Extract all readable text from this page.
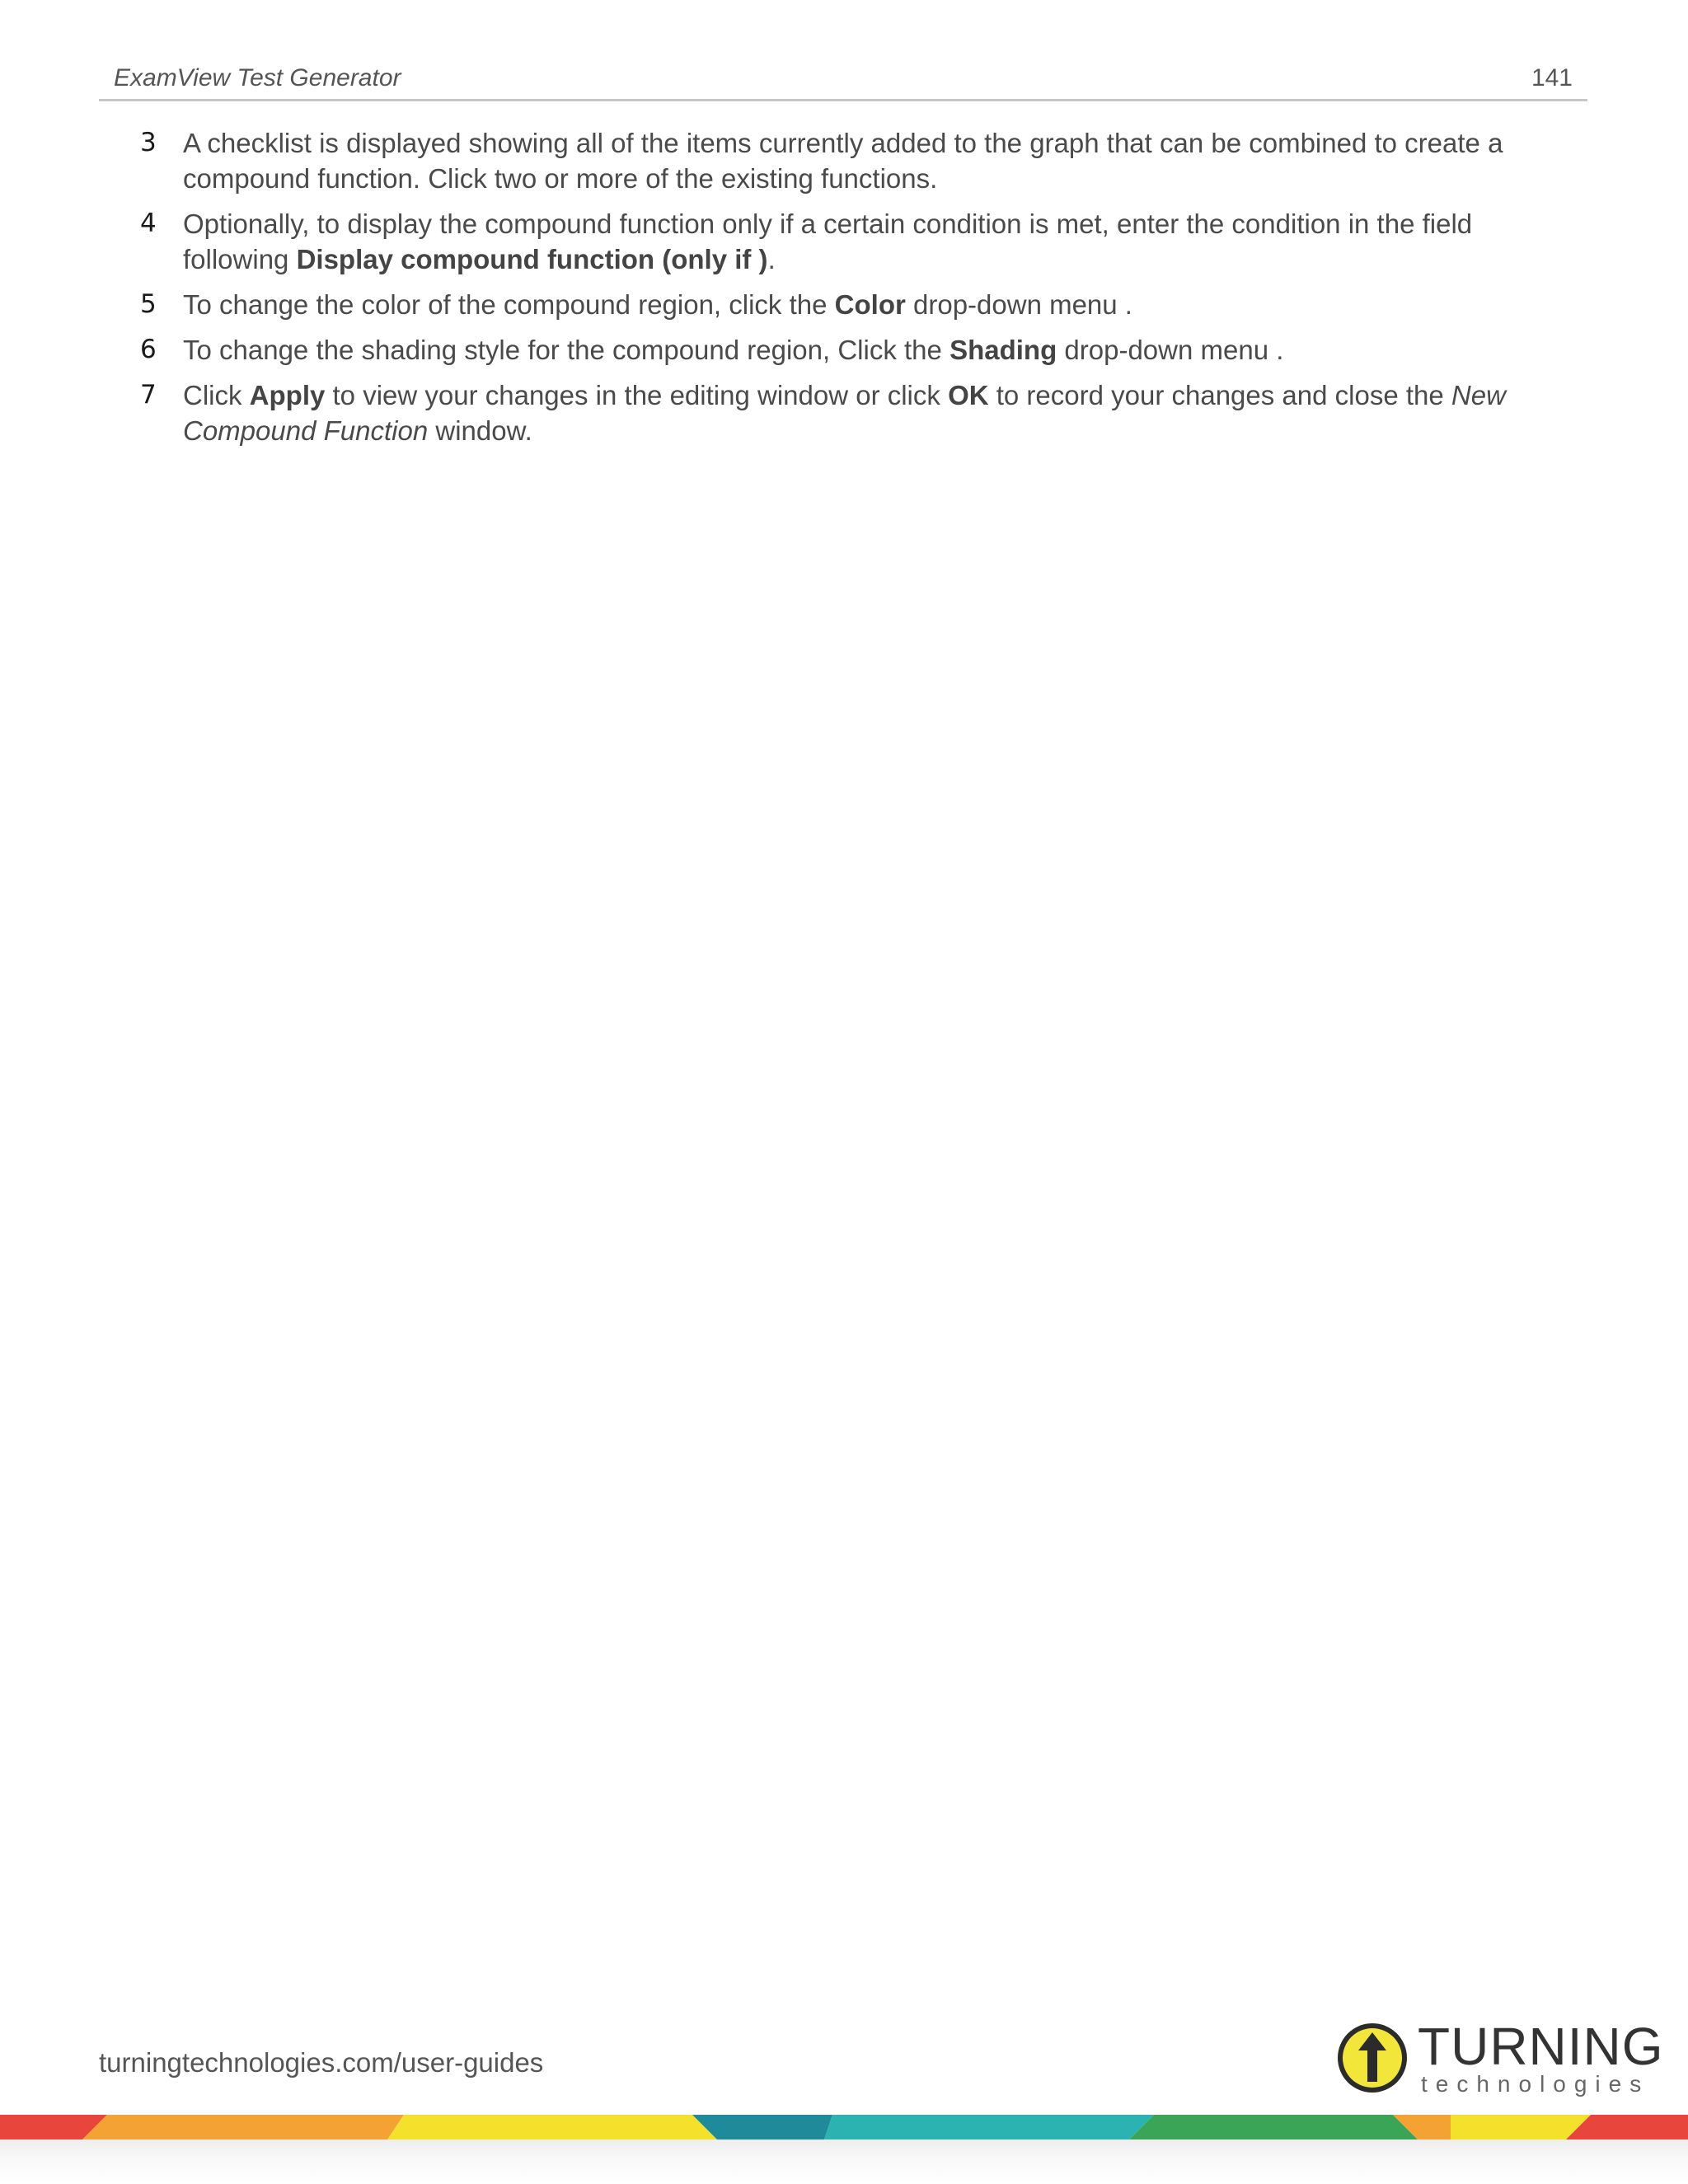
ExamView Test Generator	141
3 A checklist is displayed showing all of the items currently added to the graph that can be combined to create a compound function. Click two or more of the existing functions.
4 Optionally, to display the compound function only if a certain condition is met, enter the condition in the field following Display compound function (only if ).
5 To change the color of the compound region, click the Color drop-down menu .
6 To change the shading style for the compound region, Click the Shading drop-down menu .
7 Click Apply to view your changes in the editing window or click OK to record your changes and close the New Compound Function window.
turningtechnologies.com/user-guides	TURNING
technologies
